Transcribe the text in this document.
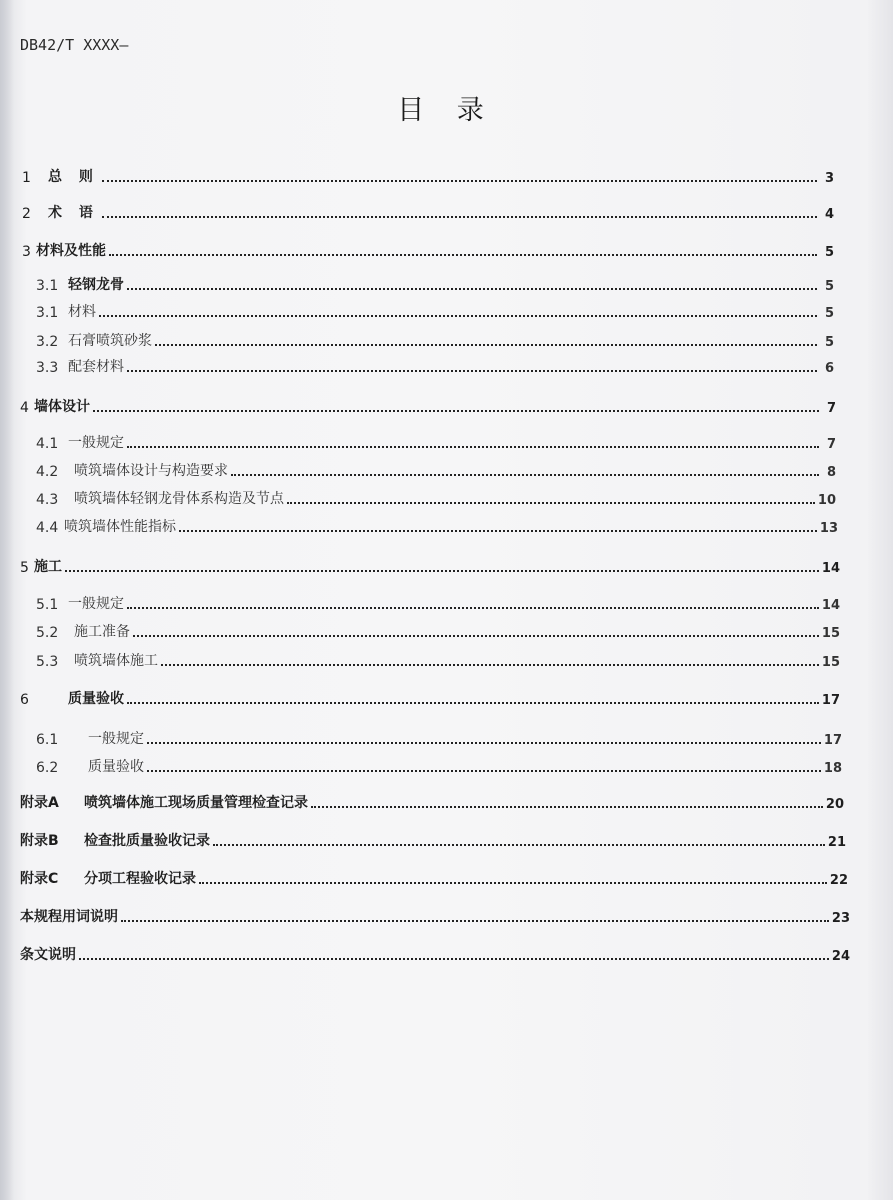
DB42/T XXXX—
目 录
1	总 则	3
2	术 语	4
3 材料及性能	5
3.1 轻钢龙骨	5
3.1 材料	5
3.2 石膏喷筑砂浆	5
3.3 配套材料	6
4 墙体设计	7
4.1 一般规定	7
4.2	喷筑墙体设计与构造要求	8
4.3	喷筑墙体轻钢龙骨体系构造及节点	10
4.4 喷筑墙体性能指标	13
5 施工	14
5.1 一般规定	14
5.2	施工准备	15
5.3	喷筑墙体施工	15
6	质量验收	17
6.1	一般规定	17
6.2	质量验收	18
附录A	喷筑墙体施工现场质量管理检查记录	20
附录B	检查批质量验收记录	21
附录C	分项工程验收记录	22
本规程用词说明	23
条文说明	24
